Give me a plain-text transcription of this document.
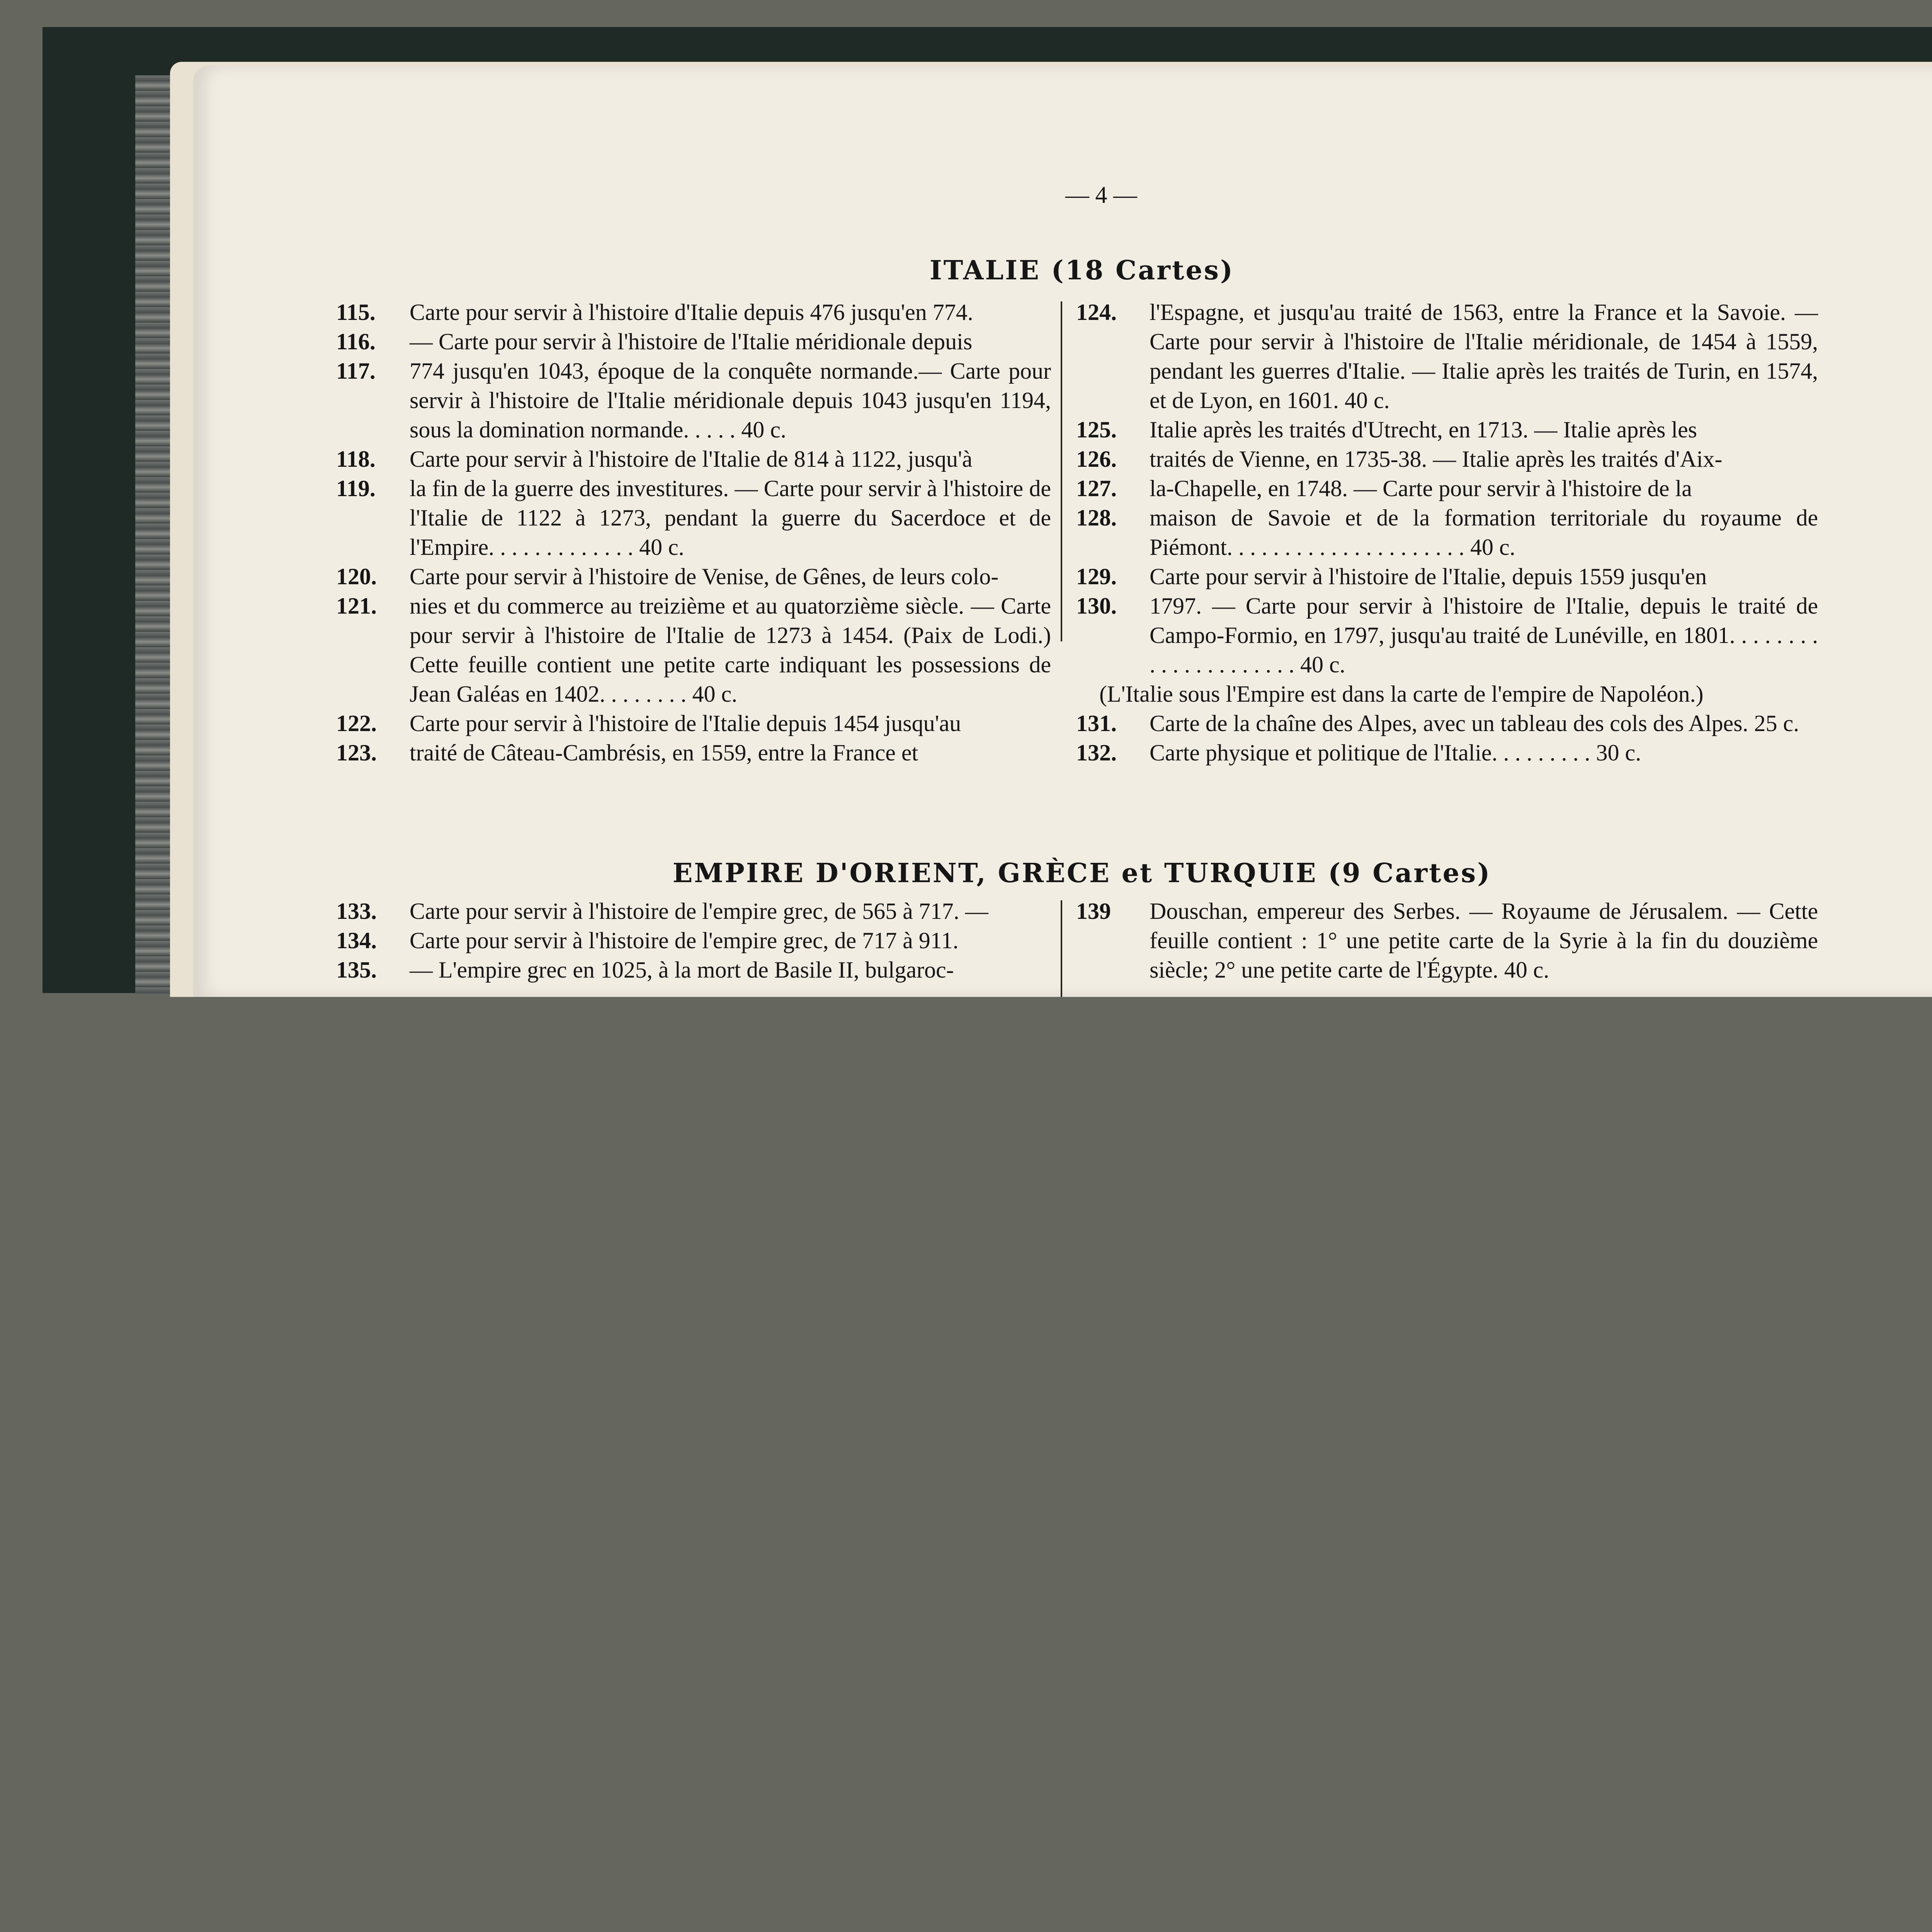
— 4 —
ITALIE (18 Cartes)
115.	Carte pour servir à l'histoire d'Italie depuis 476 jusqu'en 774.
116.	— Carte pour servir à l'histoire de l'Italie méridionale depuis
117.	774 jusqu'en 1043, époque de la conquête normande.— Carte pour servir à l'histoire de l'Italie méridionale depuis 1043 jusqu'en 1194, sous la domination normande. . . . . 40 c.
118.	Carte pour servir à l'histoire de l'Italie de 814 à 1122, jusqu'à
119.	la fin de la guerre des investitures. — Carte pour servir à l'histoire de l'Italie de 1122 à 1273, pendant la guerre du Sacerdoce et de l'Empire. . . . . . . . . . . . . 40 c.
120.	Carte pour servir à l'histoire de Venise, de Gênes, de leurs colo-
121.	nies et du commerce au treizième et au quatorzième siècle. — Carte pour servir à l'histoire de l'Italie de 1273 à 1454. (Paix de Lodi.) Cette feuille contient une petite carte indiquant les possessions de Jean Galéas en 1402. . . . . . . . 40 c.
122.	Carte pour servir à l'histoire de l'Italie depuis 1454 jusqu'au
123.	traité de Câteau-Cambrésis, en 1559, entre la France et
124.	l'Espagne, et jusqu'au traité de 1563, entre la France et la Savoie. — Carte pour servir à l'histoire de l'Italie méridionale, de 1454 à 1559, pendant les guerres d'Italie. — Italie après les traités de Turin, en 1574, et de Lyon, en 1601. 40 c.
125.	Italie après les traités d'Utrecht, en 1713. — Italie après les
126.	traités de Vienne, en 1735-38. — Italie après les traités d'Aix-
127.	la-Chapelle, en 1748. — Carte pour servir à l'histoire de la
128.	maison de Savoie et de la formation territoriale du royaume de Piémont. . . . . . . . . . . . . . . . . . . . . 40 c.
129.	Carte pour servir à l'histoire de l'Italie, depuis 1559 jusqu'en
130.	1797. — Carte pour servir à l'histoire de l'Italie, depuis le traité de Campo-Formio, en 1797, jusqu'au traité de Lunéville, en 1801. . . . . . . . . . . . . . . . . . . . . 40 c.
(L'Italie sous l'Empire est dans la carte de l'empire de Napoléon.)
131.	Carte de la chaîne des Alpes, avec un tableau des cols des Alpes. 25 c.
132.	Carte physique et politique de l'Italie. . . . . . . . . 30 c.
EMPIRE D'ORIENT, GRÈCE et TURQUIE (9 Cartes)
133.	Carte pour servir à l'histoire de l'empire grec, de 565 à 717. —
134.	Carte pour servir à l'histoire de l'empire grec, de 717 à 911.
135.	— L'empire grec en 1025, à la mort de Basile II, bulgaroc-
139	Douschan, empereur des Serbes. — Royaume de Jérusalem. — Cette feuille contient : 1° une petite carte de la Syrie à la fin du douzième siècle; 2° une petite carte de l'Égypte. 40 c.
